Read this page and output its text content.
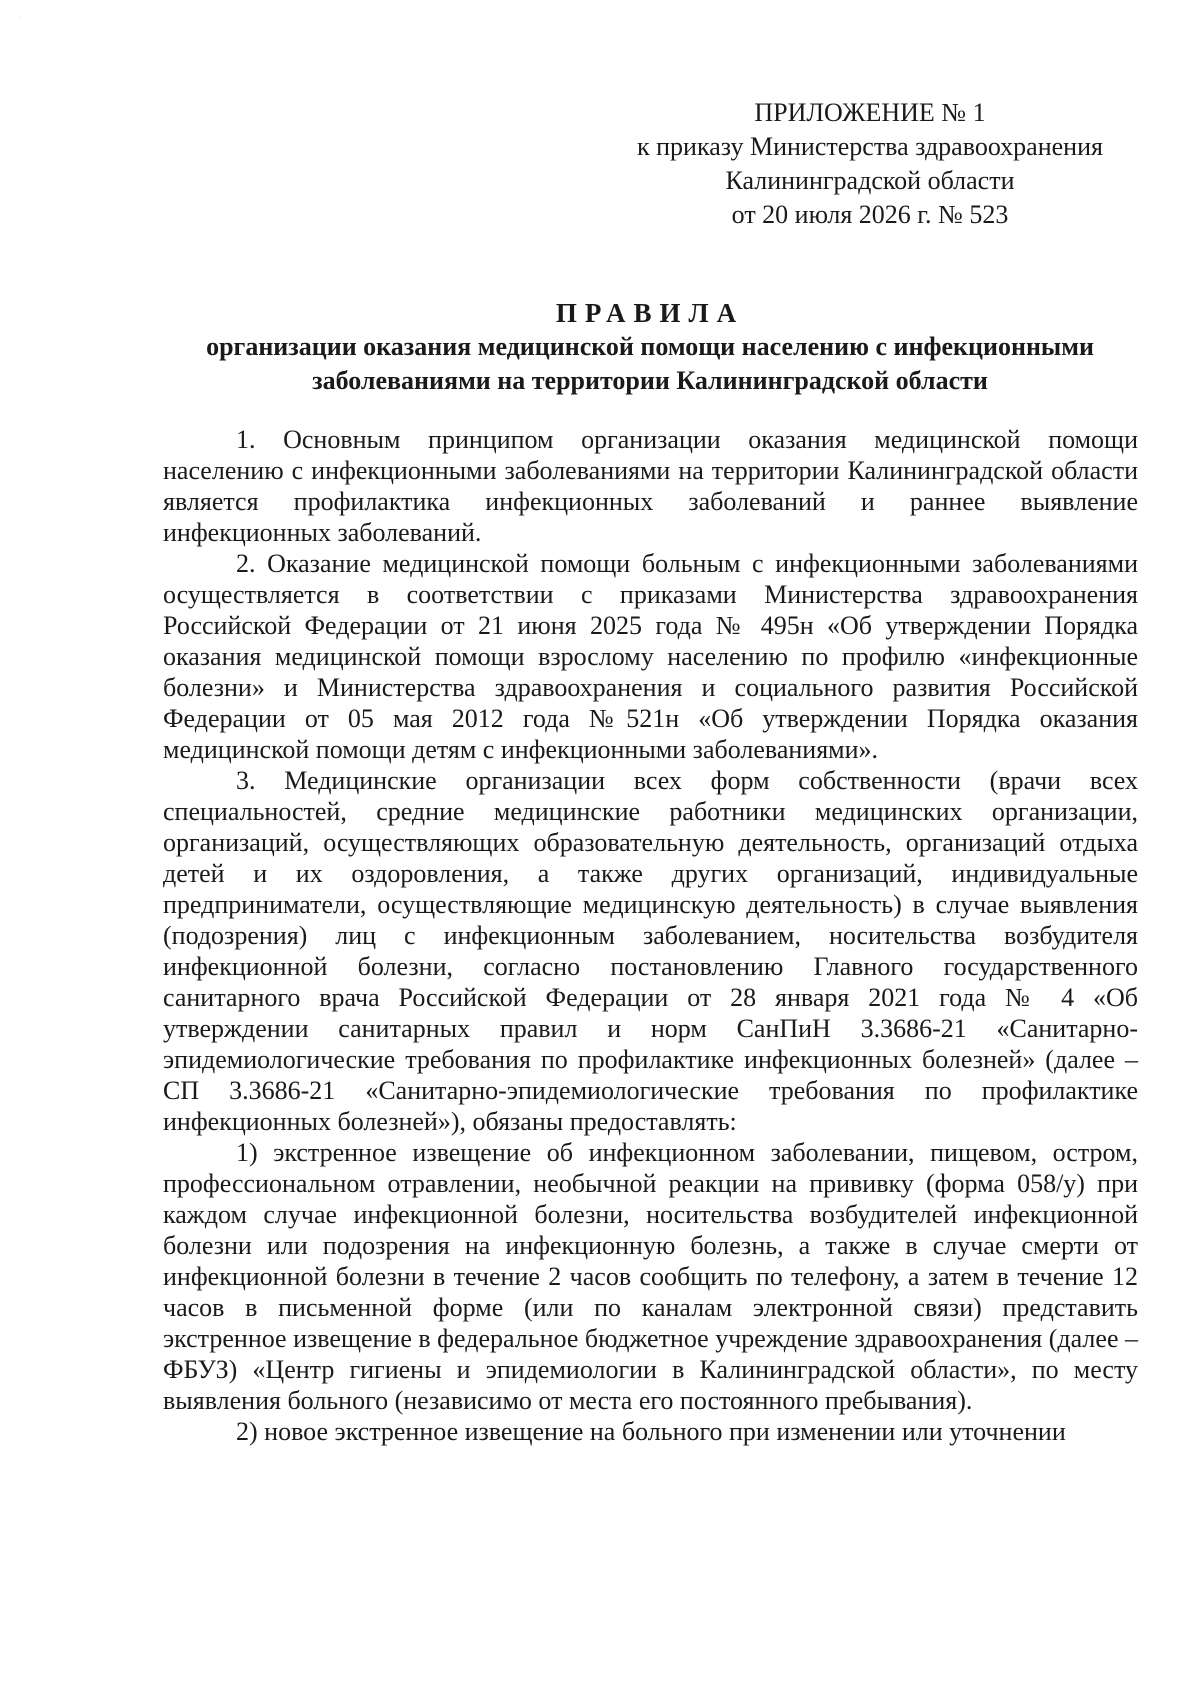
·
ПРИЛОЖЕНИЕ № 1
к приказу Министерства здравоохранения
Калининградской области
от 20 июля 2026 г. № 523
ПРАВИЛА
организации оказания медицинской помощи населению с инфекционными
заболеваниями на территории Калининградской области

1. Основным принципом организации оказания медицинской помощи населению с инфекционными заболеваниями на территории Калининградской области является профилактика инфекционных заболеваний и раннее выявление инфекционных заболеваний.

2. Оказание медицинской помощи больным с инфекционными заболеваниями осуществляется в соответствии с приказами Министерства здравоохранения Российской Федерации от 21 июня 2025 года № 495н «Об утверждении Порядка оказания медицинской помощи взрослому населению по профилю «инфекционные болезни» и Министерства здравоохранения и социального развития Российской Федерации от 05 мая 2012 года №521н «Об утверждении Порядка оказания медицинской помощи детям с инфекционными заболеваниями».

3. Медицинские организации всех форм собственности (врачи всех специальностей, средние медицинские работники медицинских организации, организаций, осуществляющих образовательную деятельность, организаций отдыха детей и их оздоровления, а также других организаций, индивидуальные предприниматели, осуществляющие медицинскую деятельность) в случае выявления (подозрения) лиц с инфекционным заболеванием, носительства возбудителя инфекционной болезни, согласно постановлению Главного государственного санитарного врача Российской Федерации от 28 января 2021 года № 4 «Об утверждении санитарных правил и норм СанПиН 3.3686-21 «Санитарно-эпидемиологические требования по профилактике инфекционных болезней» (далее – СП 3.3686-21 «Санитарно-эпидемиологические требования по профилактике инфекционных болезней»), обязаны предоставлять:

1) экстренное извещение об инфекционном заболевании, пищевом, остром, профессиональном отравлении, необычной реакции на прививку (форма 058/у) при каждом случае инфекционной болезни, носительства возбудителей инфекционной болезни или подозрения на инфекционную болезнь, а также в случае смерти от инфекционной болезни в течение 2 часов сообщить по телефону, а затем в течение 12 часов в письменной форме (или по каналам электронной связи) представить экстренное извещение в федеральное бюджетное учреждение здравоохранения (далее – ФБУЗ) «Центр гигиены и эпидемиологии в Калининградской области», по месту выявления больного (независимо от места его постоянного пребывания).

2) новое экстренное извещение на больного при изменении или уточнении
